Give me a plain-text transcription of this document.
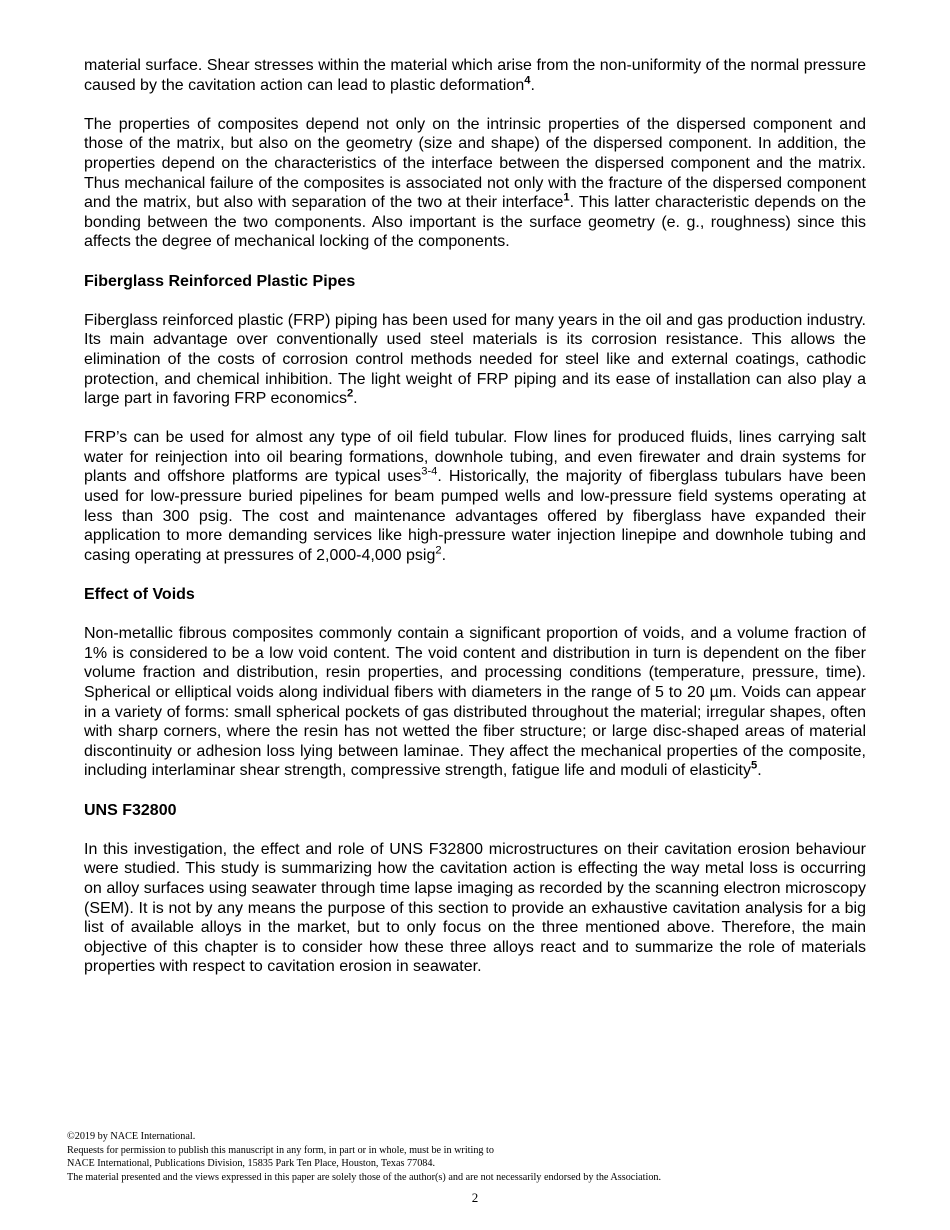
material surface. Shear stresses within the material which arise from the non-uniformity of the normal pressure caused by the cavitation action can lead to plastic deformation$^4$.

The properties of composites depend not only on the intrinsic properties of the dispersed component and those of the matrix, but also on the geometry (size and shape) of the dispersed component. In addition, the properties depend on the characteristics of the interface between the dispersed component and the matrix. Thus mechanical failure of the composites is associated not only with the fracture of the dispersed component and the matrix, but also with separation of the two at their interface$^1$. This latter characteristic depends on the bonding between the two components. Also important is the surface geometry (e. g., roughness) since this affects the degree of mechanical locking of the components.

Fiberglass Reinforced Plastic Pipes

Fiberglass reinforced plastic (FRP) piping has been used for many years in the oil and gas production industry. Its main advantage over conventionally used steel materials is its corrosion resistance. This allows the elimination of the costs of corrosion control methods needed for steel like and external coatings, cathodic protection, and chemical inhibition. The light weight of FRP piping and its ease of installation can also play a large part in favoring FRP economics$^2$.

FRP’s can be used for almost any type of oil field tubular. Flow lines for produced fluids, lines carrying salt water for reinjection into oil bearing formations, downhole tubing, and even firewater and drain systems for plants and offshore platforms are typical uses$^{3-4}$. Historically, the majority of fiberglass tubulars have been used for low-pressure buried pipelines for beam pumped wells and low-pressure field systems operating at less than 300 psig. The cost and maintenance advantages offered by fiberglass have expanded their application to more demanding services like high-pressure water injection linepipe and downhole tubing and casing operating at pressures of 2,000-4,000 psig$^2$.

Effect of Voids

Non-metallic fibrous composites commonly contain a significant proportion of voids, and a volume fraction of 1% is considered to be a low void content. The void content and distribution in turn is dependent on the fiber volume fraction and distribution, resin properties, and processing conditions (temperature, pressure, time). Spherical or elliptical voids along individual fibers with diameters in the range of 5 to 20 µm. Voids can appear in a variety of forms: small spherical pockets of gas distributed throughout the material; irregular shapes, often with sharp corners, where the resin has not wetted the fiber structure; or large disc-shaped areas of material discontinuity or adhesion loss lying between laminae. They affect the mechanical properties of the composite, including interlaminar shear strength, compressive strength, fatigue life and moduli of elasticity$^5$.

UNS F32800

In this investigation, the effect and role of UNS F32800 microstructures on their cavitation erosion behaviour were studied. This study is summarizing how the cavitation action is effecting the way metal loss is occurring on alloy surfaces using seawater through time lapse imaging as recorded by the scanning electron microscopy (SEM). It is not by any means the purpose of this section to provide an exhaustive cavitation analysis for a big list of available alloys in the market, but to only focus on the three mentioned above. Therefore, the main objective of this chapter is to consider how these three alloys react and to summarize the role of materials properties with respect to cavitation erosion in seawater.

©2019 by NACE International.
Requests for permission to publish this manuscript in any form, in part or in whole, must be in writing to
NACE International, Publications Division, 15835 Park Ten Place, Houston, Texas 77084.
The material presented and the views expressed in this paper are solely those of the author(s) and are not necessarily endorsed by the Association.
2
